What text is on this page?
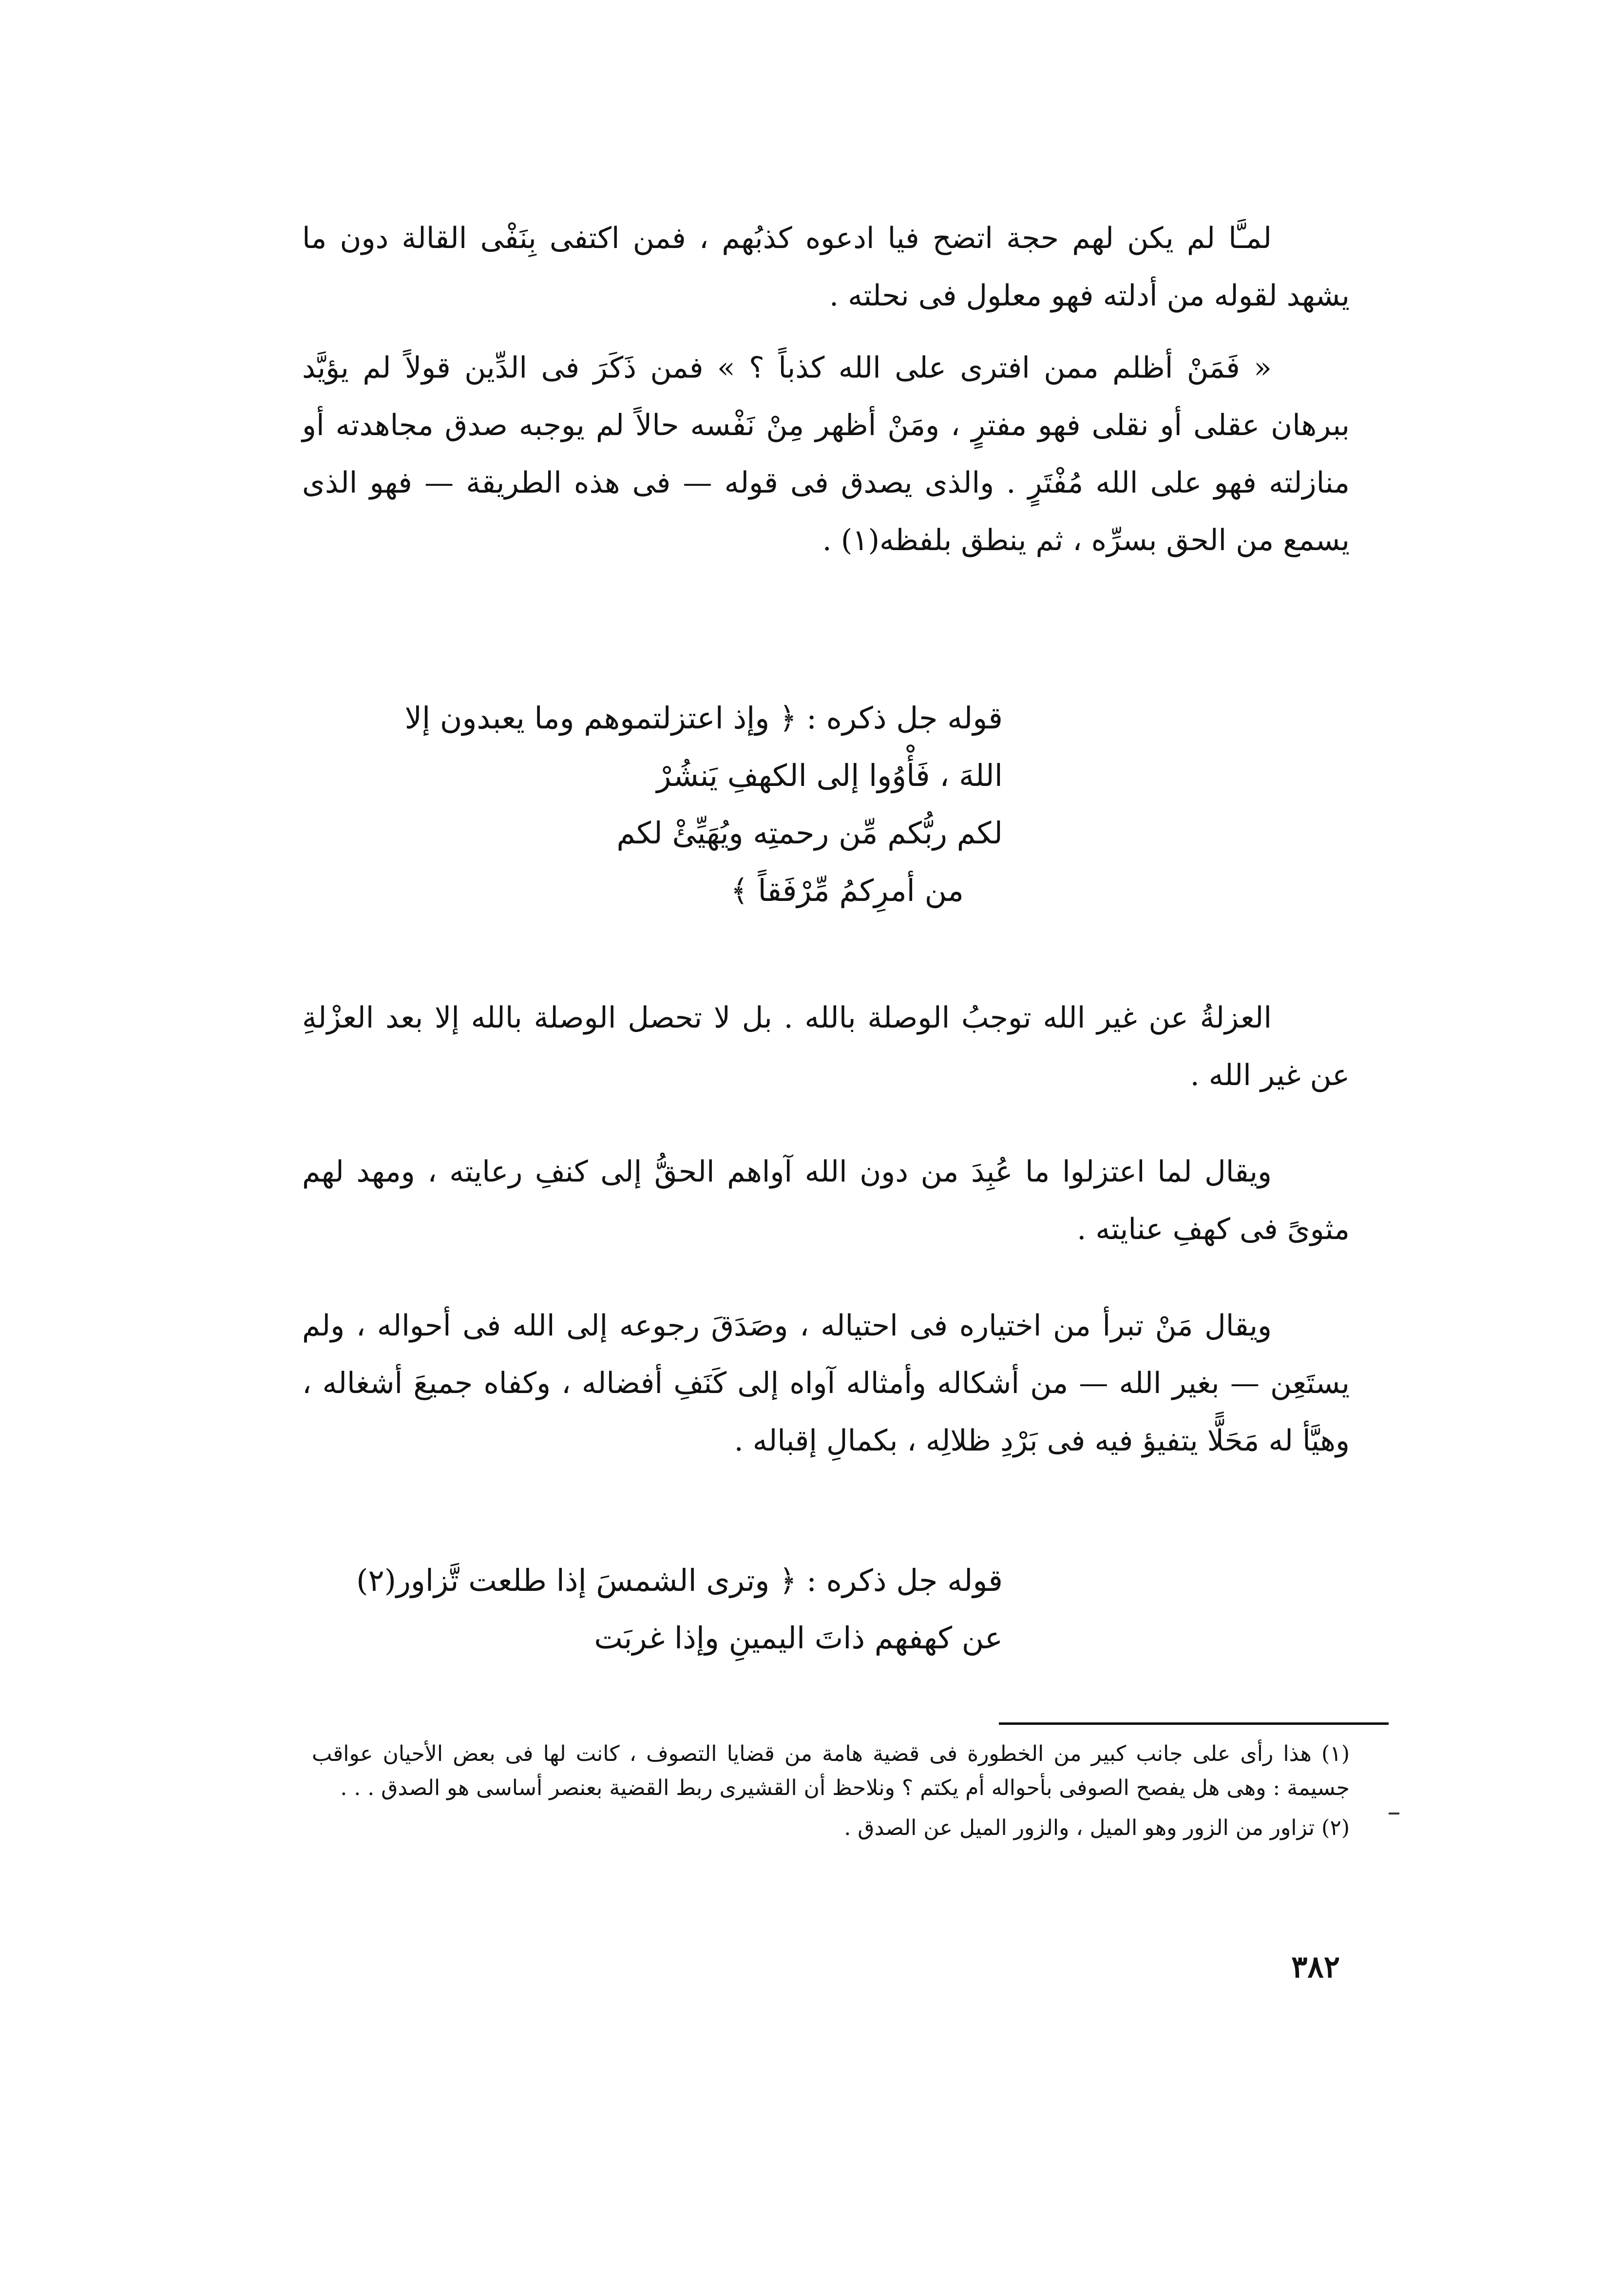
لمـَّا لم يكن لهم حجة اتضح فيا ادعوه كذبُهم ، فمن اكتفى بِنَفْى القالة دون ما يشهد لقوله من أدلته فهو معلول فى نحلته .

« فَمَنْ أظلم ممن افترى على الله كذباً ؟ » فمن ذَكَرَ فى الدِّين قولاً لم يؤيَّد ببرهان عقلى أو نقلى فهو مفترٍ ، ومَنْ أظهر مِنْ نَفْسه حالاً لم يوجبه صدق مجاهدته أو منازلته فهو على الله مُفْتَرٍ . والذى يصدق فى قوله — فى هذه الطريقة — فهو الذى يسمع من الحق بسرِّه ، ثم ينطق بلفظه(١) .

قوله جل ذكره : ﴿ وإذ اعتزلتموهم وما يعبدون إلا
اللهَ ، فَأْوُوا إلى الكهفِ يَنشُرْ
لكم ربُّكم مِّن رحمتِه ويُهَيِّئْ لكم
من أمرِكمُ مِّرْفَقاً ﴾

العزلةُ عن غير الله توجبُ الوصلة بالله . بل لا تحصل الوصلة بالله إلا بعد العزْلةِ عن غير الله .

ويقال لما اعتزلوا ما عُبِدَ من دون الله آواهم الحقُّ إلى كنفِ رعايته ، ومهد لهم مثوىً فى كهفِ عنايته .

ويقال مَنْ تبرأ من اختياره فى احتياله ، وصَدَقَ رجوعه إلى الله فى أحواله ، ولم يستَعِن — بغير الله — من أشكاله وأمثاله آواه إلى كَنَفِ أفضاله ، وكفاه جميعَ أشغاله ، وهيَّأ له مَحَلًّا يتفيؤ فيه فى بَرْدِ ظلالِه ، بكمالِ إقباله .

قوله جل ذكره : ﴿ وترى الشمسَ إذا طلعت تَّزاور(٢)
عن كهفهم ذاتَ اليمينِ وإذا غربَت

(١) هذا رأى على جانب كبير من الخطورة فى قضية هامة من قضايا التصوف ، كانت لها فى بعض الأحيان عواقب جسيمة : وهى هل يفصح الصوفى بأحواله أم يكتم ؟ ونلاحظ أن القشيرى ربط القضية بعنصر أساسى هو الصدق . . .

(٢) تزاور من الزور وهو الميل ، والزور الميل عن الصدق .

٣٨٢
